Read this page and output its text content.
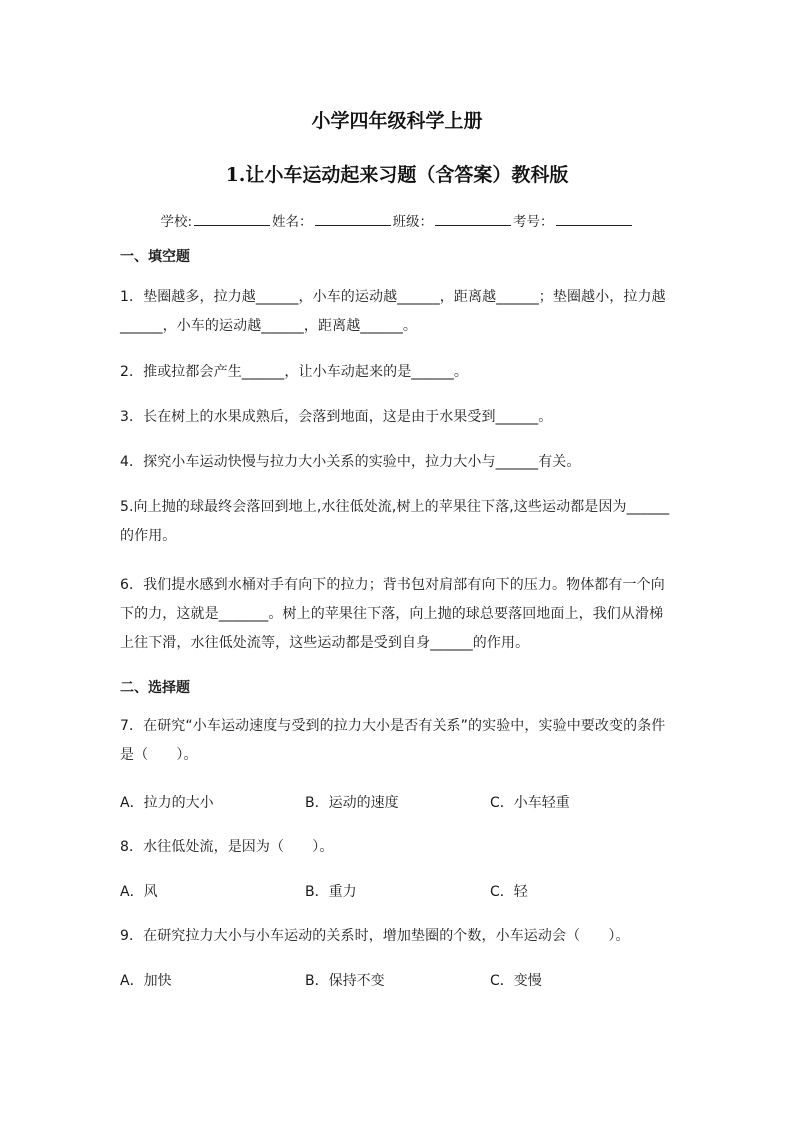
小学四年级科学上册
1.让小车运动起来习题（含答案）教科版
学校:	姓名：	班级：	考号：
一、填空题
1．垫圈越多，拉力越______，小车的运动越______，距离越______；垫圈越小，拉力越______，小车的运动越______，距离越______。
2．推或拉都会产生______，让小车动起来的是______。
3．长在树上的水果成熟后，会落到地面，这是由于水果受到______。
4．探究小车运动快慢与拉力大小关系的实验中，拉力大小与______有关。
5.向上抛的球最终会落回到地上,水往低处流,树上的苹果往下落,这些运动都是因为______的作用。
6．我们提水感到水桶对手有向下的拉力；背书包对肩部有向下的压力。物体都有一个向下的力，这就是_______。树上的苹果往下落，向上抛的球总要落回地面上，我们从滑梯上往下滑，水往低处流等，这些运动都是受到自身______的作用。
二、选择题
7．在研究“小车运动速度与受到的拉力大小是否有关系”的实验中，实验中要改变的条件是（　　）。
A．拉力的大小	B．运动的速度	C．小车轻重
8．水往低处流，是因为（　　）。
A．风	B．重力	C．轻
9．在研究拉力大小与小车运动的关系时，增加垫圈的个数，小车运动会（　　）。
A．加快	B．保持不变	C．变慢
